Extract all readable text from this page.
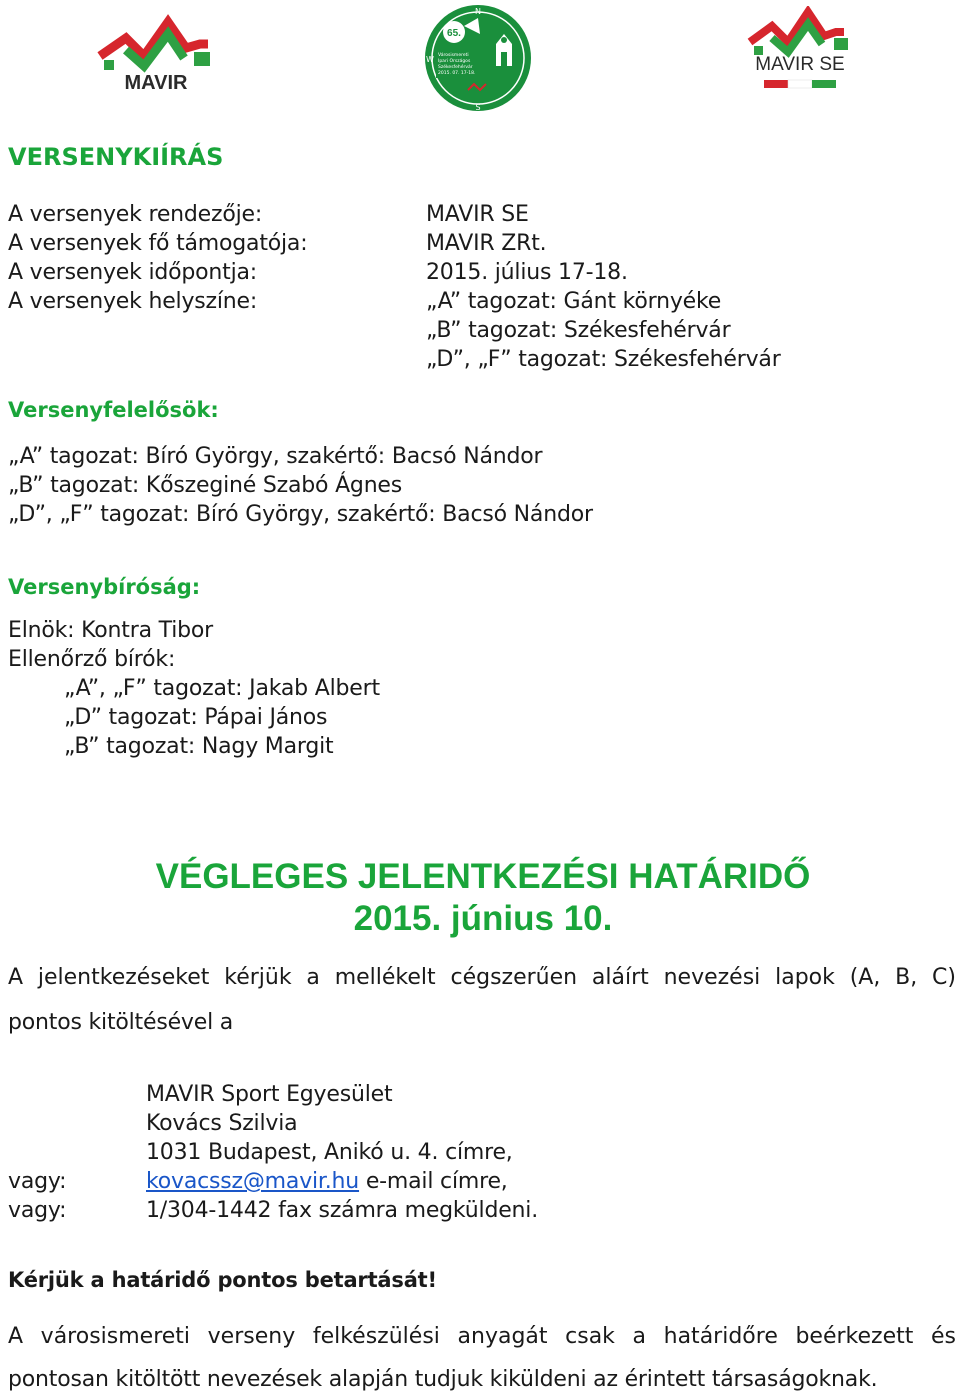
MAVIR
N
S
W
65.
Városismereti
Ipari Országos
Székesfehérvár
2015. 07. 17-18.	MAVIR SE
VERSENYKIÍRÁS
A versenyek rendezője:	MAVIR SE
A versenyek fő támogatója:	MAVIR ZRt.
A versenyek időpontja:	2015. július 17-18.
A versenyek helyszíne:	„A” tagozat: Gánt környéke
„B” tagozat: Székesfehérvár
„D”, „F” tagozat: Székesfehérvár
Versenyfelelősök:
„A” tagozat: Bíró György, szakértő: Bacsó Nándor
„B” tagozat: Kőszeginé Szabó Ágnes
„D”, „F” tagozat: Bíró György, szakértő: Bacsó Nándor
Versenybíróság:
Elnök: Kontra Tibor
Ellenőrző bírók:
„A”, „F” tagozat: Jakab Albert
„D” tagozat: Pápai János
„B” tagozat: Nagy Margit
VÉGLEGES JELENTKEZÉSI HATÁRIDŐ
2015. június 10.
A jelentkezéseket kérjük a mellékelt cégszerűen aláírt nevezési lapok (A, B, C)
pontos kitöltésével a
MAVIR Sport Egyesület
Kovács Szilvia
1031 Budapest, Anikó u. 4. címre,
vagy:	kovacssz@mavir.hu e-mail címre,
vagy:	1/304-1442 fax számra megküldeni.
Kérjük a határidő pontos betartását!
A városismereti verseny felkészülési anyagát csak a határidőre beérkezett és
pontosan kitöltött nevezések alapján tudjuk kiküldeni az érintett társaságoknak.
